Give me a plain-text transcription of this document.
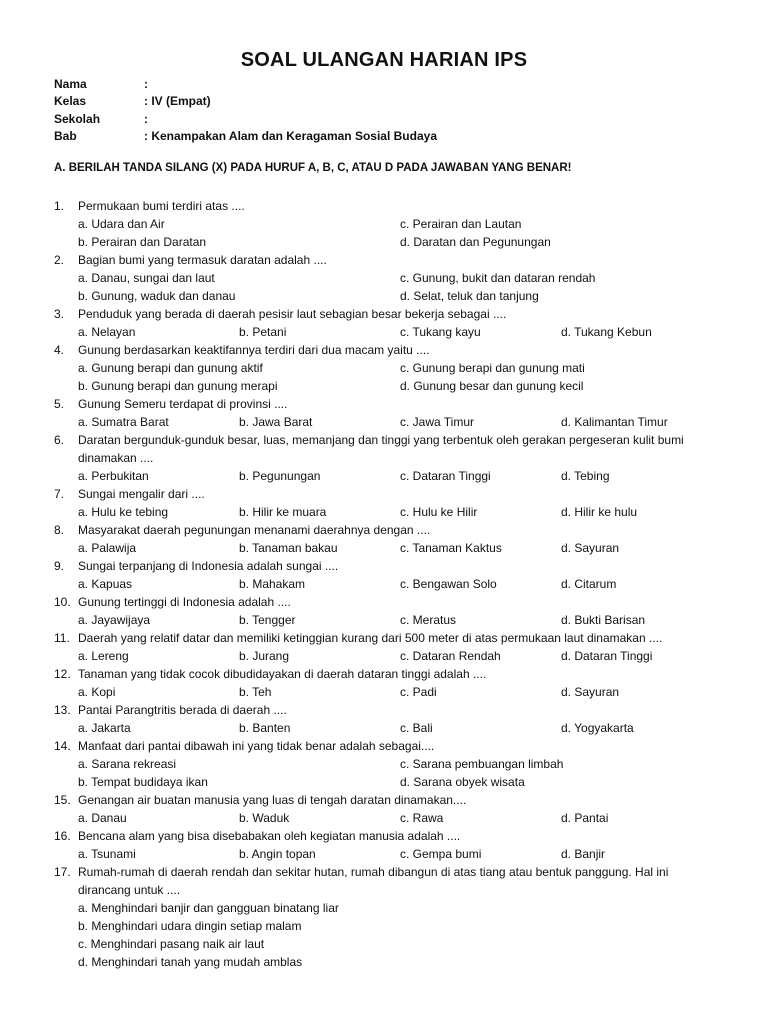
SOAL ULANGAN HARIAN IPS
Nama	:
Kelas	: IV (Empat)
Sekolah	:
Bab	: Kenampakan Alam dan Keragaman Sosial Budaya
A. BERILAH TANDA SILANG (X) PADA HURUF A, B, C, ATAU D PADA JAWABAN YANG BENAR!
1.	Permukaan bumi terdiri atas ....
a. Udara dan Air	c. Perairan dan Lautan
b. Perairan dan Daratan	d. Daratan dan Pegunungan
2.	Bagian bumi yang termasuk daratan adalah ....
a. Danau, sungai dan laut	c. Gunung, bukit dan dataran rendah
b. Gunung, waduk dan danau	d. Selat, teluk dan tanjung
3.	Penduduk yang berada di daerah pesisir laut sebagian besar bekerja sebagai ....
a. Nelayan	b. Petani	c. Tukang kayu	d. Tukang Kebun
4.	Gunung berdasarkan keaktifannya terdiri dari dua macam yaitu ....
a. Gunung berapi dan gunung aktif	c. Gunung berapi dan gunung mati
b. Gunung berapi dan gunung merapi	d. Gunung besar dan gunung kecil
5.	Gunung Semeru terdapat di provinsi ....
a. Sumatra Barat	b. Jawa Barat	c. Jawa Timur	d. Kalimantan Timur
6.	Daratan bergunduk-gunduk besar, luas, memanjang dan tinggi yang terbentuk oleh gerakan pergeseran kulit bumi dinamakan ....
a. Perbukitan	b. Pegunungan	c. Dataran Tinggi	d. Tebing
7.	Sungai mengalir dari ....
a. Hulu ke tebing	b. Hilir ke muara	c. Hulu ke Hilir	d. Hilir ke hulu
8.	Masyarakat daerah pegunungan menanami daerahnya dengan ....
a. Palawija	b. Tanaman bakau	c. Tanaman Kaktus	d. Sayuran
9.	Sungai terpanjang di Indonesia adalah sungai ....
a. Kapuas	b. Mahakam	c. Bengawan Solo	d. Citarum
10. Gunung tertinggi di Indonesia adalah ....
a. Jayawijaya	b. Tengger	c. Meratus	d. Bukti Barisan
11. Daerah yang relatif datar dan memiliki ketinggian kurang dari 500 meter di atas permukaan laut dinamakan ....
a. Lereng	b. Jurang	c. Dataran Rendah	d. Dataran Tinggi
12. Tanaman yang tidak cocok dibudidayakan di daerah dataran tinggi adalah ....
a. Kopi	b. Teh	c. Padi	d. Sayuran
13. Pantai Parangtritis berada di daerah ....
a. Jakarta	b. Banten	c. Bali	d. Yogyakarta
14. Manfaat dari pantai dibawah ini yang tidak benar adalah sebagai....
a. Sarana rekreasi	c. Sarana pembuangan limbah
b. Tempat budidaya ikan	d. Sarana obyek wisata
15. Genangan air buatan manusia yang luas di tengah daratan dinamakan....
a. Danau	b. Waduk	c. Rawa	d. Pantai
16. Bencana alam yang bisa disebabakan oleh kegiatan manusia adalah ....
a. Tsunami	b. Angin topan	c. Gempa bumi	d. Banjir
17. Rumah-rumah di daerah rendah dan sekitar hutan, rumah dibangun di atas tiang atau bentuk panggung. Hal ini dirancang untuk ....
a. Menghindari banjir dan gangguan binatang liar
b. Menghindari udara dingin setiap malam
c. Menghindari pasang naik air laut
d. Menghindari tanah yang mudah amblas
